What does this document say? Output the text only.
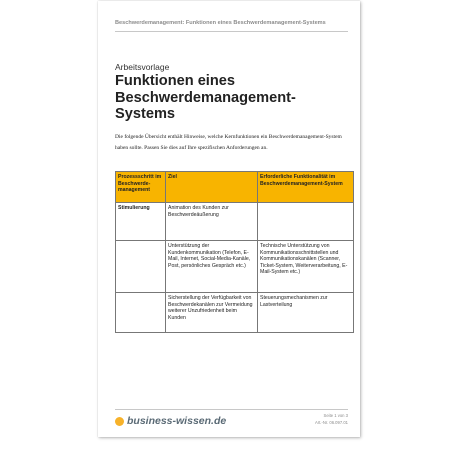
Beschwerdemanagement: Funktionen eines Beschwerdemanagement-Systems
Arbeitsvorlage
Funktionen eines Beschwerdemanagement-Systems
Die folgende Übersicht enthält Hinweise, welche Kernfunktionen ein Beschwerdemanagement-System haben sollte. Passen Sie dies auf Ihre spezifischen Anforderungen an.
Prozessschritt im Beschwerde-management	Ziel	Erforderliche Funktionalität im Beschwerdemanagement-System
Stimulierung	Animation des Kunden zur Beschwerdeäußerung	
	Unterstützung der Kundenkommunikation (Telefon, E-Mail, Internet, Social-Media-Kanäle, Post, persönliches Gespräch etc.)	Technische Unterstützung von Kommunikationsschnittstellen und Kommunikationskanälen (Scanner, Ticket-System, Weiterverarbeitung, E-Mail-System etc.)
	Sicherstellung der Verfügbarkeit von Beschwerdekanälen zur Vermeidung weiterer Unzufriedenheit beim Kunden	Steuerungsmechanismen zur Lastverteilung
business-wissen.de	Seite 1 von 3
Art.-Nr. 06.097.01
